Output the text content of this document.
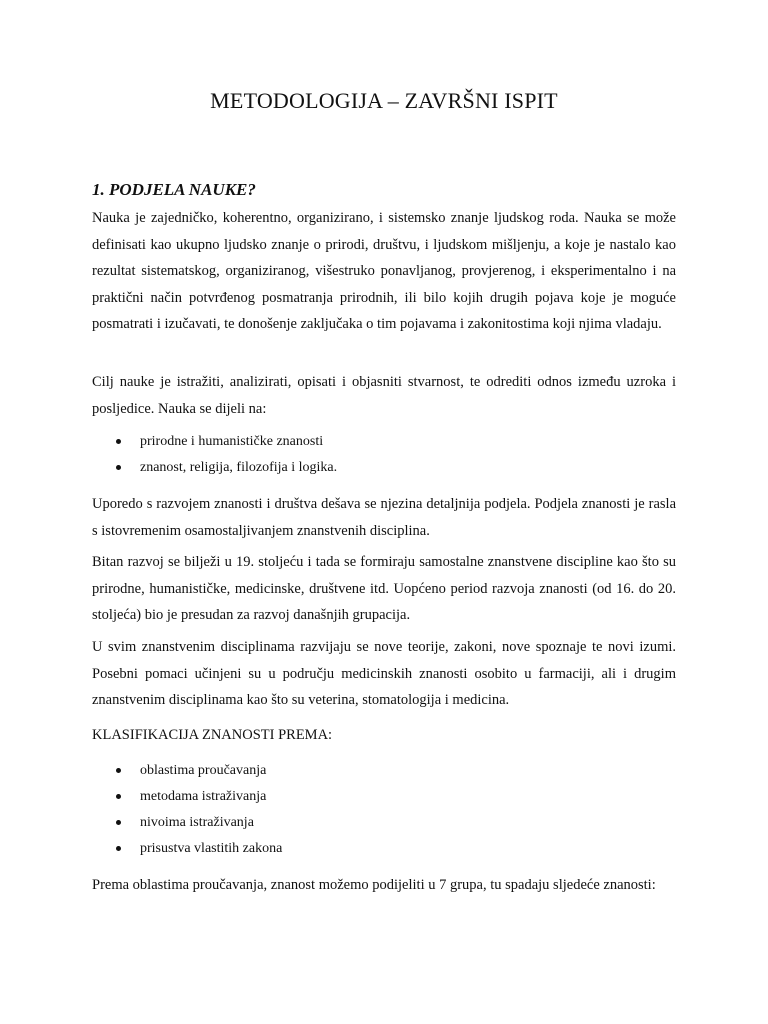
METODOLOGIJA – ZAVRŠNI ISPIT
1. PODJELA NAUKE?

Nauka je zajedničko, koherentno, organizirano, i sistemsko znanje ljudskog roda. Nauka se može definisati kao ukupno ljudsko znanje o prirodi, društvu, i ljudskom mišljenju, a koje je nastalo kao rezultat sistematskog, organiziranog, višestruko ponavljanog, provjerenog, i eksperimentalno i na praktični način potvrđenog posmatranja prirodnih, ili bilo kojih drugih pojava koje je moguće posmatrati i izučavati, te donošenje zaključaka o tim pojavama i zakonitostima koji njima vladaju.

Cilj nauke je istražiti, analizirati, opisati i objasniti stvarnost, te odrediti odnos između uzroka i posljedice. Nauka se dijeli na:

prirodne i humanističke znanosti
znanost, religija, filozofija i logika.

Uporedo s razvojem znanosti i društva dešava se njezina detaljnija podjela. Podjela znanosti je rasla s istovremenim osamostaljivanjem znanstvenih disciplina.

Bitan razvoj se bilježi u 19. stoljeću i tada se formiraju samostalne znanstvene discipline kao što su prirodne, humanističke, medicinske, društvene itd. Uopćeno period razvoja znanosti (od 16. do 20. stoljeća) bio je presudan za razvoj današnjih grupacija.

U svim znanstvenim disciplinama razvijaju se nove teorije, zakoni, nove spoznaje te novi izumi. Posebni pomaci učinjeni su u području medicinskih znanosti osobito u farmaciji, ali i drugim znanstvenim disciplinama kao što su veterina, stomatologija i medicina.

KLASIFIKACIJA ZNANOSTI PREMA:

oblastima proučavanja
metodama istraživanja
nivoima istraživanja
prisustva vlastitih zakona

Prema oblastima proučavanja, znanost možemo podijeliti u 7 grupa, tu spadaju sljedeće znanosti:
